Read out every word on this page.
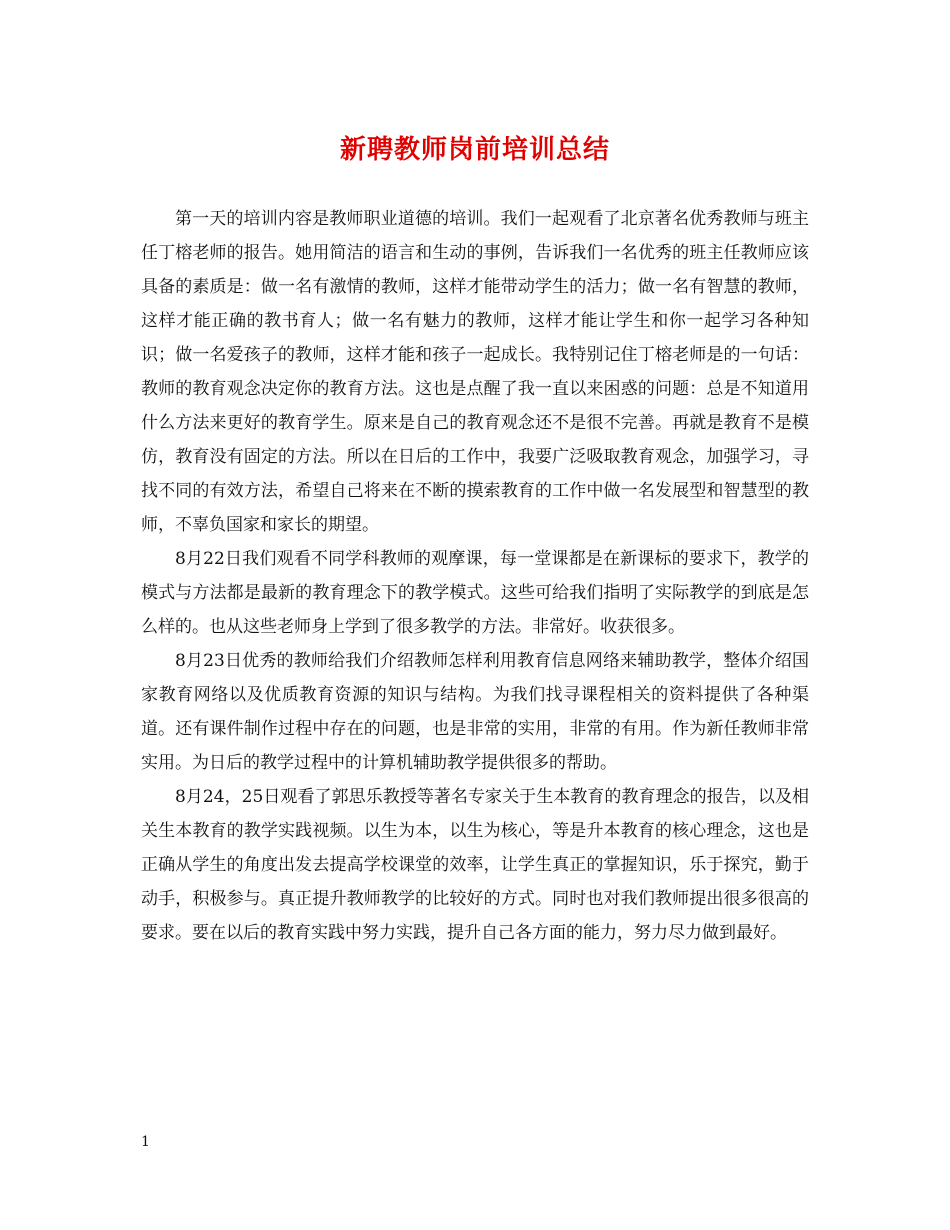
新聘教师岗前培训总结

第一天的培训内容是教师职业道德的培训。我们一起观看了北京著名优秀教师与班主任丁榕老师的报告。她用简洁的语言和生动的事例，告诉我们一名优秀的班主任教师应该具备的素质是：做一名有激情的教师，这样才能带动学生的活力；做一名有智慧的教师，这样才能正确的教书育人；做一名有魅力的教师，这样才能让学生和你一起学习各种知识；做一名爱孩子的教师，这样才能和孩子一起成长。我特别记住丁榕老师是的一句话：教师的教育观念决定你的教育方法。这也是点醒了我一直以来困惑的问题：总是不知道用什么方法来更好的教育学生。原来是自己的教育观念还不是很不完善。再就是教育不是模仿，教育没有固定的方法。所以在日后的工作中，我要广泛吸取教育观念，加强学习，寻找不同的有效方法，希望自己将来在不断的摸索教育的工作中做一名发展型和智慧型的教师，不辜负国家和家长的期望。

8月22日我们观看不同学科教师的观摩课，每一堂课都是在新课标的要求下，教学的模式与方法都是最新的教育理念下的教学模式。这些可给我们指明了实际教学的到底是怎么样的。也从这些老师身上学到了很多教学的方法。非常好。收获很多。

8月23日优秀的教师给我们介绍教师怎样利用教育信息网络来辅助教学，整体介绍国家教育网络以及优质教育资源的知识与结构。为我们找寻课程相关的资料提供了各种渠道。还有课件制作过程中存在的问题，也是非常的实用，非常的有用。作为新任教师非常实用。为日后的教学过程中的计算机辅助教学提供很多的帮助。

8月24，25日观看了郭思乐教授等著名专家关于生本教育的教育理念的报告，以及相关生本教育的教学实践视频。以生为本，以生为核心，等是升本教育的核心理念，这也是正确从学生的角度出发去提高学校课堂的效率，让学生真正的掌握知识，乐于探究，勤于动手，积极参与。真正提升教师教学的比较好的方式。同时也对我们教师提出很多很高的要求。要在以后的教育实践中努力实践，提升自己各方面的能力，努力尽力做到最好。

1
